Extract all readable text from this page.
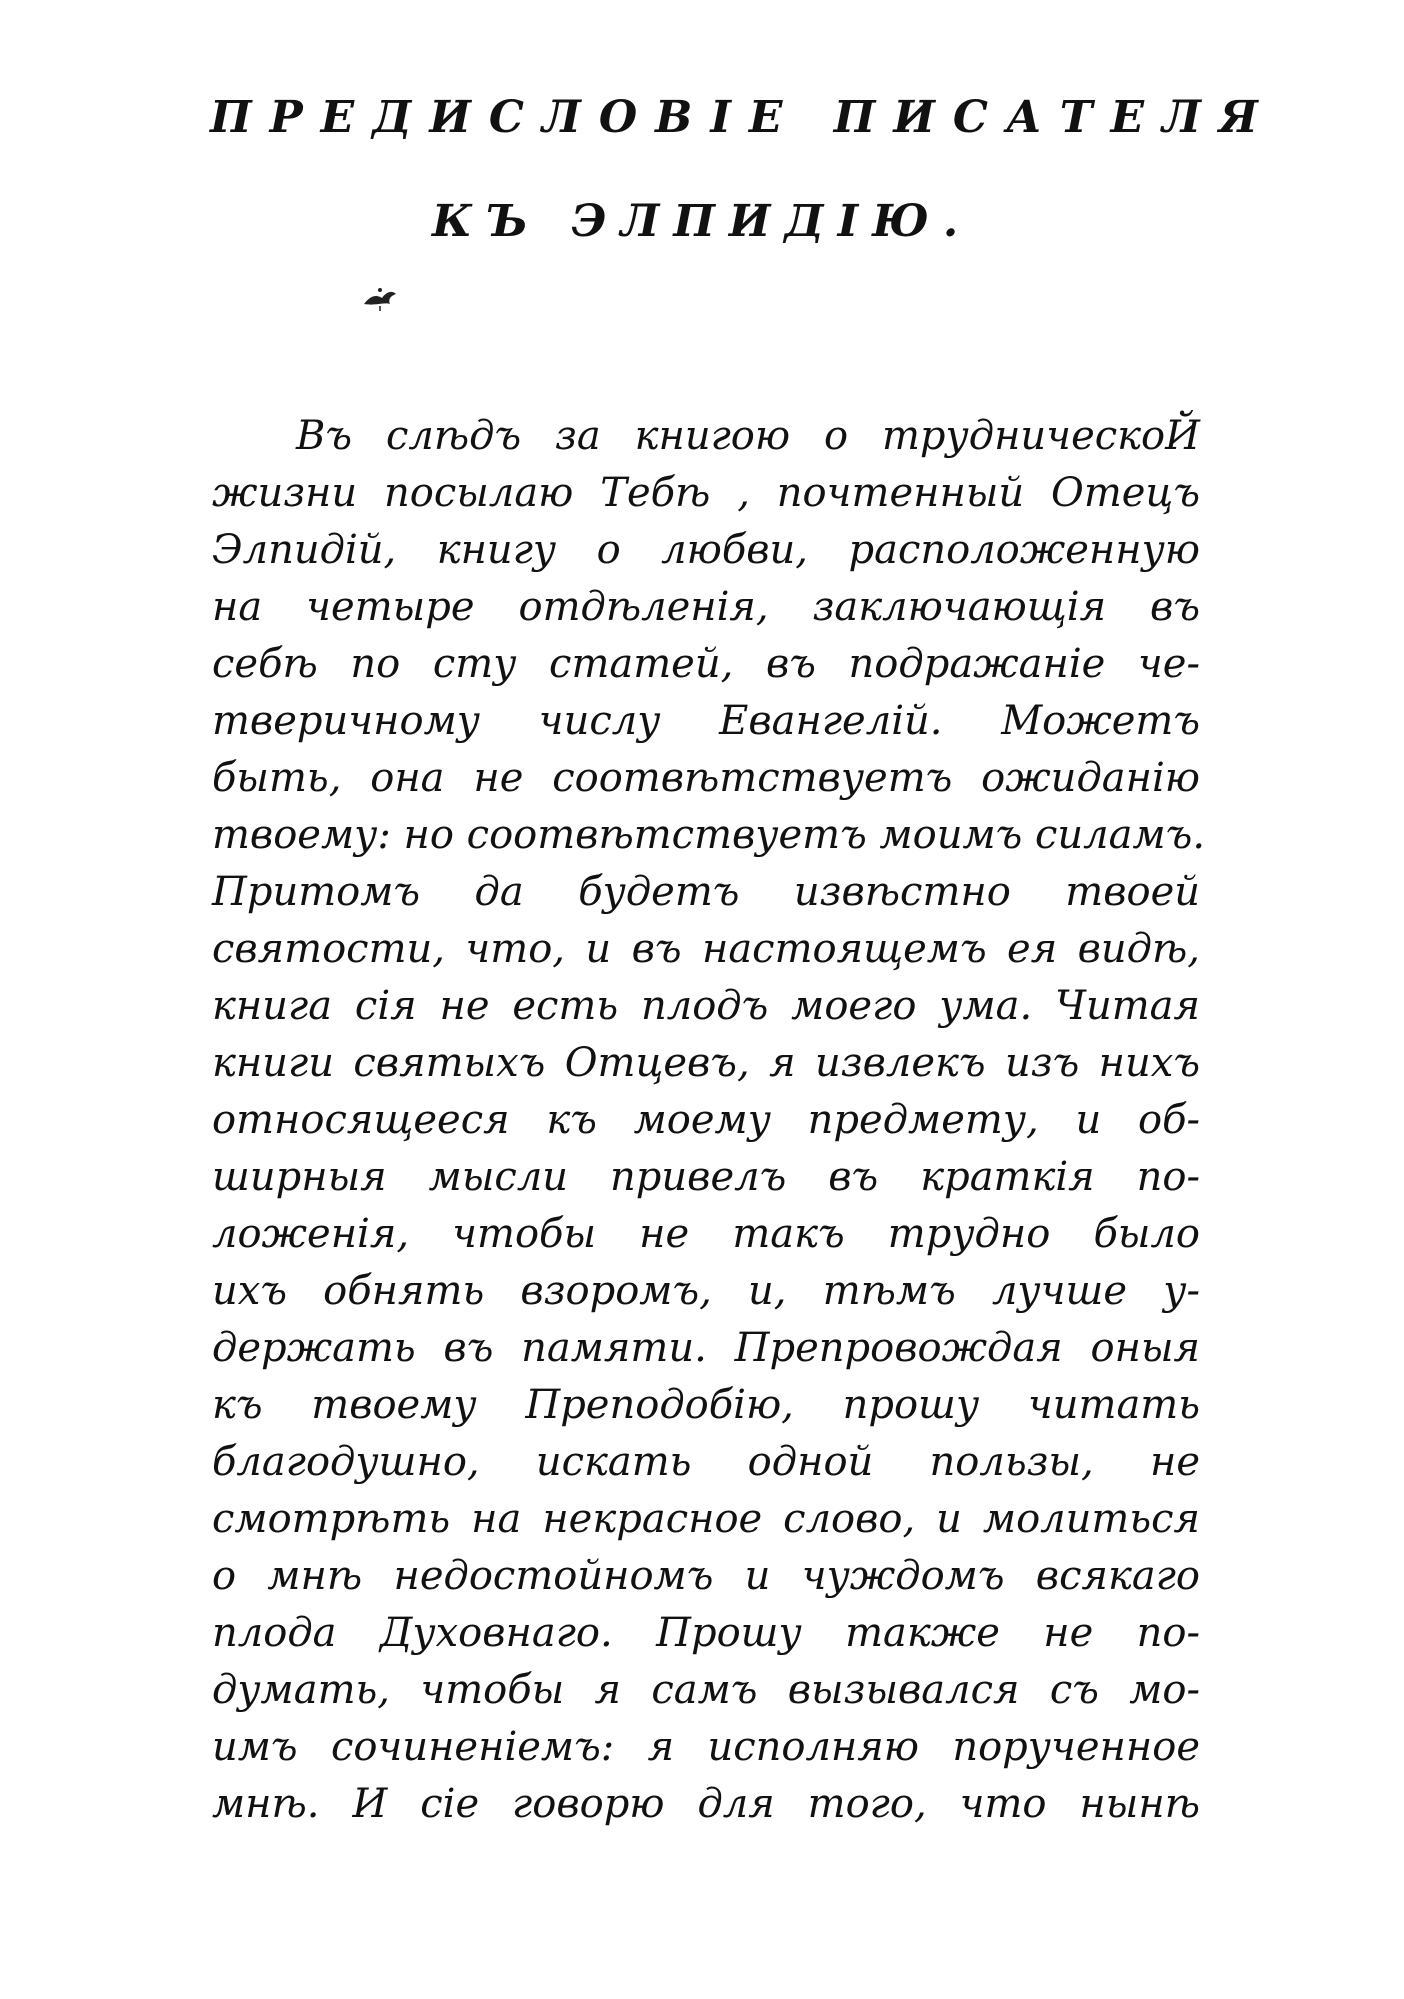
ПРЕДИСЛОВІЕ ПИСАТЕЛЯ
КЪ ЭЛПИДІЮ.
Въ слѣдъ за книгою о трудническоЙ
жизни посылаю Тебѣ , почтенный Отецъ
Элпидій, книгу о любви, расположенную
на четыре отдѣленія, заключающія въ
себѣ по сту статей, въ подражаніе че-
тверичному числу Евангелій. Можетъ
быть, она не соотвѣтствуетъ ожиданію
твоему: но соотвѣтствуетъ моимъ силамъ.
Притомъ да будетъ извѣстно твоей
святости, что, и въ настоящемъ ея видѣ,
книга сія не есть плодъ моего ума. Читая
книги святыхъ Отцевъ, я извлекъ изъ нихъ
относящееся къ моему предмету, и об-
ширныя мысли привелъ въ краткія по-
ложенія, чтобы не такъ трудно было
ихъ обнять взоромъ, и, тѣмъ лучше у-
держать въ памяти. Препровождая оныя
къ твоему Преподобію, прошу читать
благодушно, искать одной пользы, не
смотрѣть на некрасное слово, и молиться
о мнѣ недостойномъ и чуждомъ всякаго
плода Духовнаго. Прошу также не по-
думать, чтобы я самъ вызывался съ мо-
имъ сочиненіемъ: я исполняю порученное
мнѣ. И сіе говорю для того, что нынѣ
